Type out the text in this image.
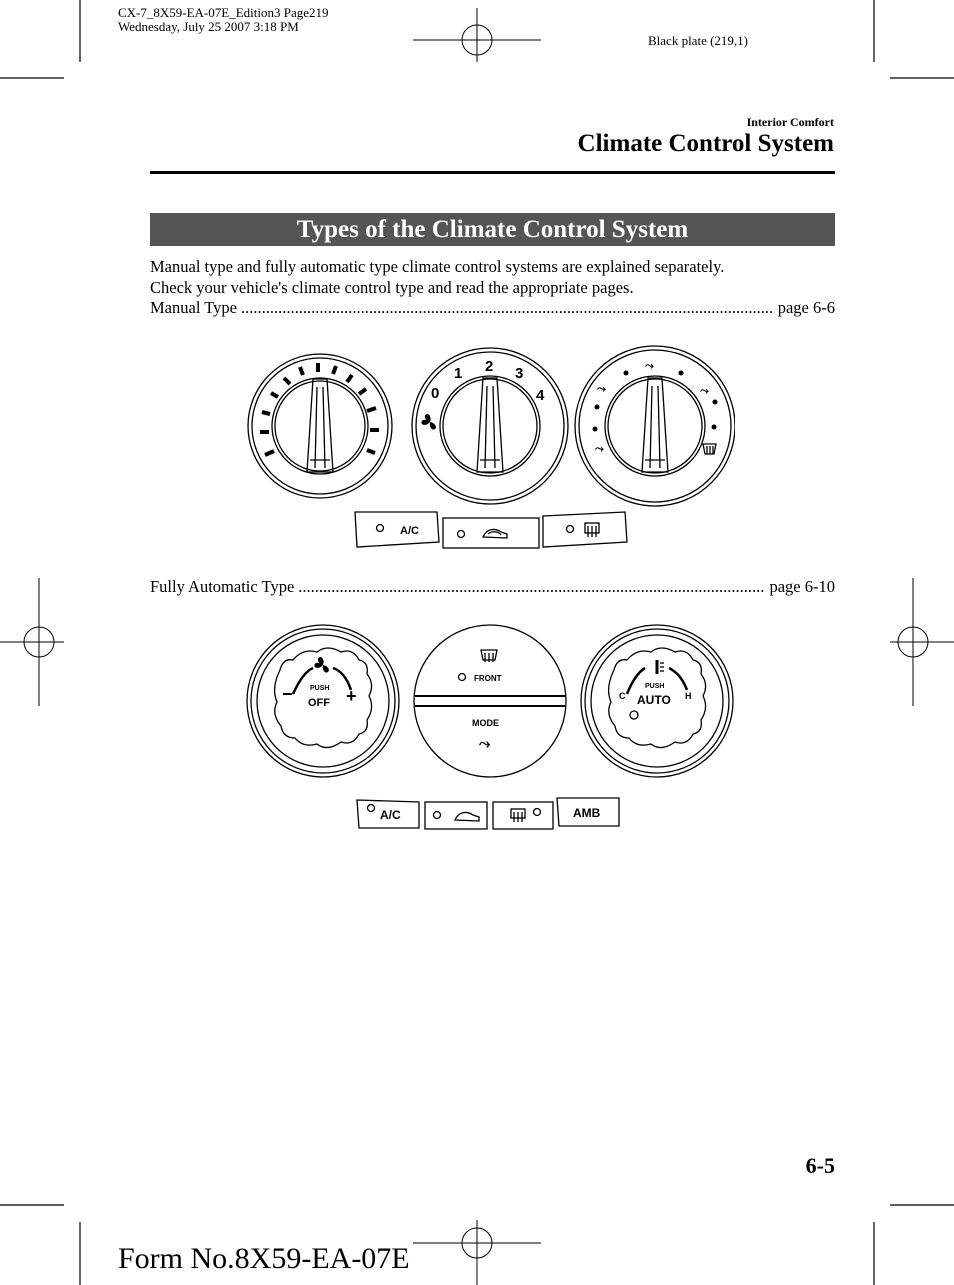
CX-7_8X59-EA-07E_Edition3 Page219
Wednesday, July 25 2007 3:18 PM
Black plate (219,1)
Interior Comfort
Climate Control System
Types of the Climate Control System
Manual type and fully automatic type climate control systems are explained separately.
Check your vehicle's climate control type and read the appropriate pages.
Manual Type .....	page 6-6
0
1 2 3
4
⤳
⤳
⤳
⤳
A/C
Fully Automatic Type .....	page 6-10
PUSH
OFF
−	+
FRONT
MODE
⤳
PUSH
AUTO
C	H
A/C	AMB
6-5
Form No.8X59-EA-07E
